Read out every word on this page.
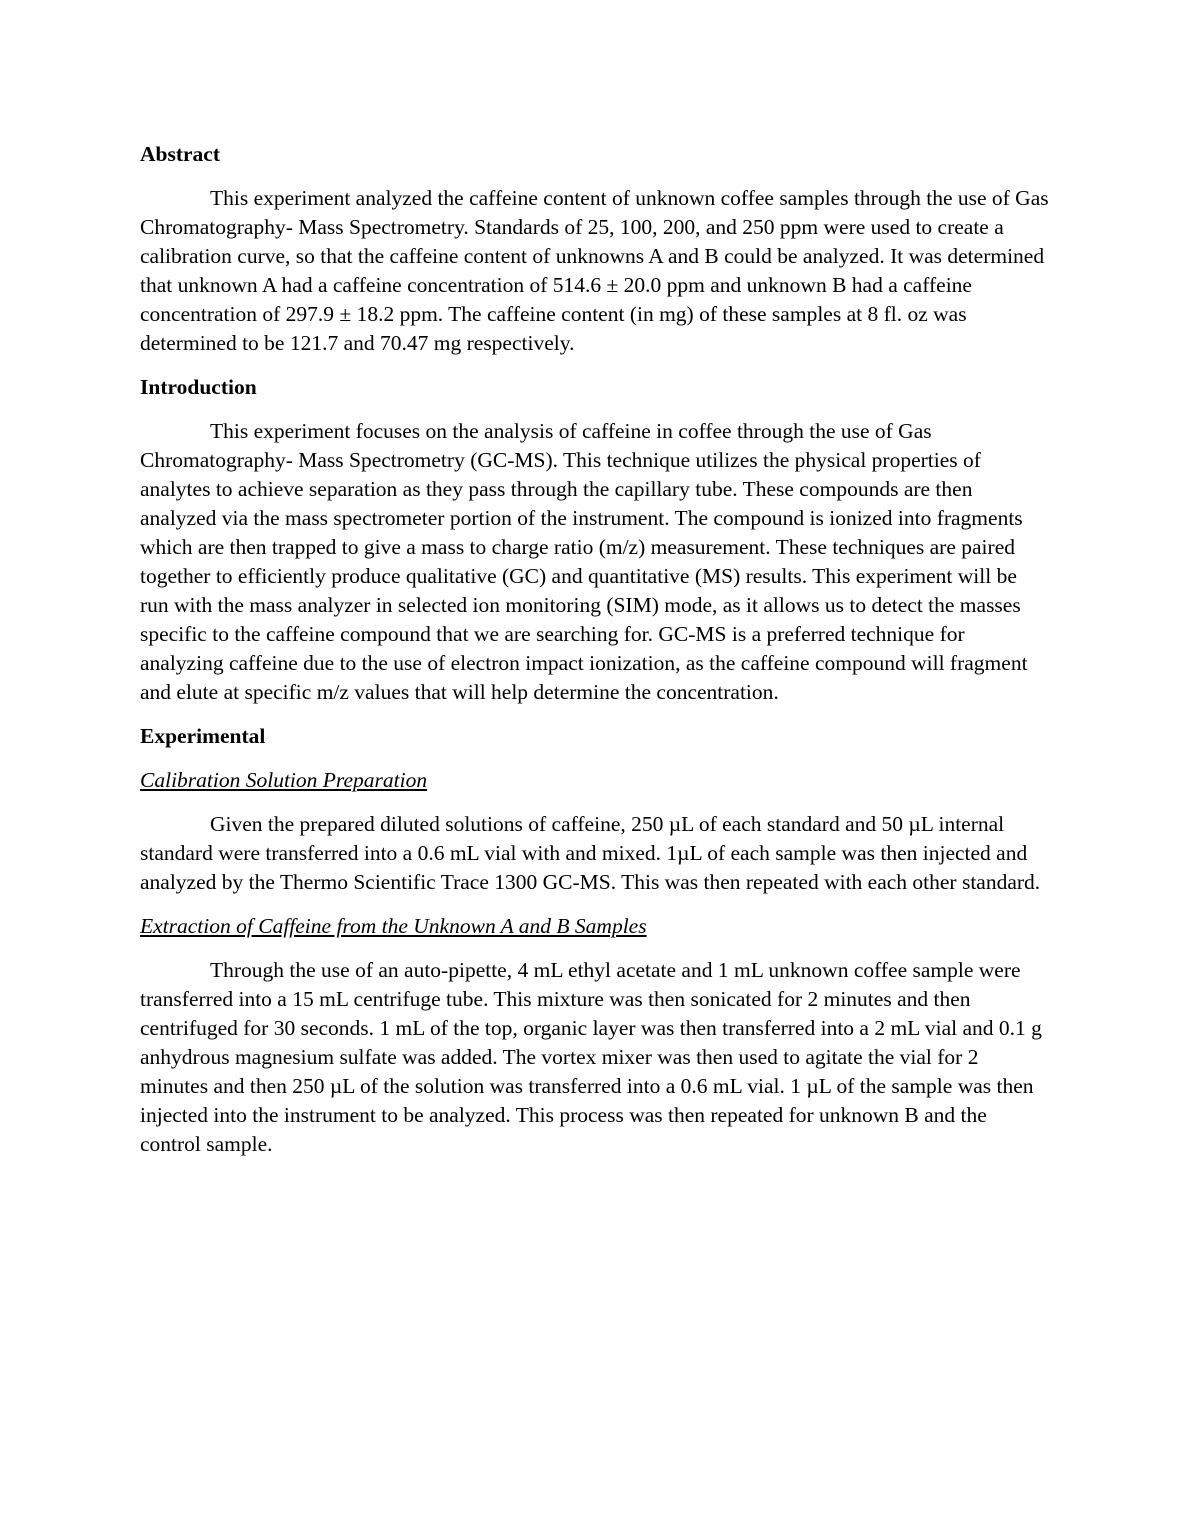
Abstract

This experiment analyzed the caffeine content of unknown coffee samples through the use of Gas Chromatography- Mass Spectrometry. Standards of 25, 100, 200, and 250 ppm were used to create a calibration curve, so that the caffeine content of unknowns A and B could be analyzed. It was determined that unknown A had a caffeine concentration of 514.6 ± 20.0 ppm and unknown B had a caffeine concentration of 297.9 ± 18.2 ppm. The caffeine content (in mg) of these samples at 8 fl. oz was determined to be 121.7 and 70.47 mg respectively.

Introduction

This experiment focuses on the analysis of caffeine in coffee through the use of Gas Chromatography- Mass Spectrometry (GC-MS). This technique utilizes the physical properties of analytes to achieve separation as they pass through the capillary tube. These compounds are then analyzed via the mass spectrometer portion of the instrument. The compound is ionized into fragments which are then trapped to give a mass to charge ratio (m/z) measurement. These techniques are paired together to efficiently produce qualitative (GC) and quantitative (MS) results. This experiment will be run with the mass analyzer in selected ion monitoring (SIM) mode, as it allows us to detect the masses specific to the caffeine compound that we are searching for. GC-MS is a preferred technique for analyzing caffeine due to the use of electron impact ionization, as the caffeine compound will fragment and elute at specific m/z values that will help determine the concentration.

Experimental
Calibration Solution Preparation

Given the prepared diluted solutions of caffeine, 250 µL of each standard and 50 µL internal standard were transferred into a 0.6 mL vial with and mixed. 1µL of each sample was then injected and analyzed by the Thermo Scientific Trace 1300 GC-MS. This was then repeated with each other standard.

Extraction of Caffeine from the Unknown A and B Samples

Through the use of an auto-pipette, 4 mL ethyl acetate and 1 mL unknown coffee sample were transferred into a 15 mL centrifuge tube. This mixture was then sonicated for 2 minutes and then centrifuged for 30 seconds. 1 mL of the top, organic layer was then transferred into a 2 mL vial and 0.1 g anhydrous magnesium sulfate was added. The vortex mixer was then used to agitate the vial for 2 minutes and then 250 µL of the solution was transferred into a 0.6 mL vial. 1 µL of the sample was then injected into the instrument to be analyzed. This process was then repeated for unknown B and the control sample.
